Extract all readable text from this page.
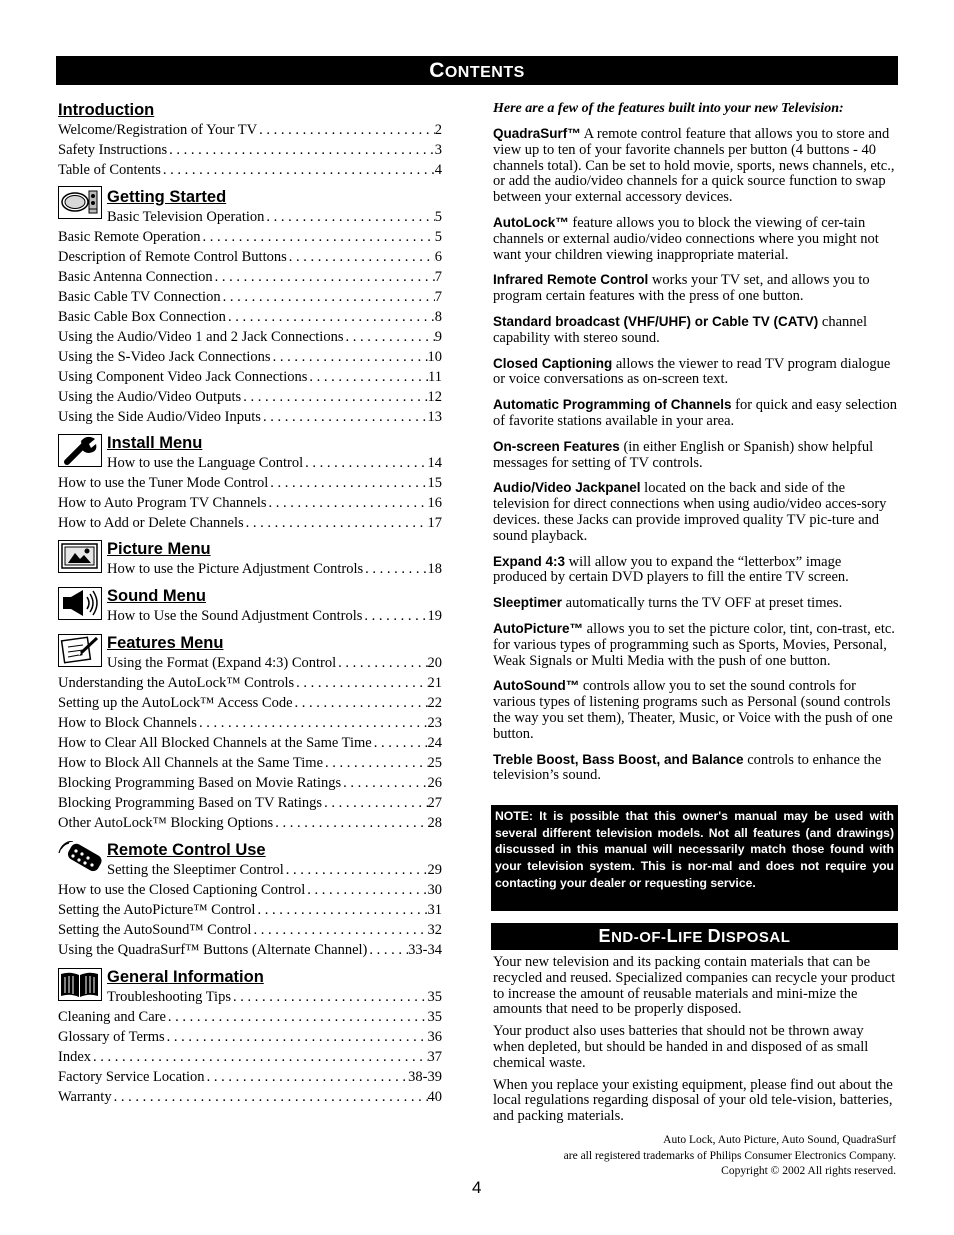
CONTENTS
Introduction
Welcome/Registration of Your TV . . .	2
Safety Instructions . . .	3
Table of Contents . . .	4
Getting Started
Basic Television Operation . . .	5
Basic Remote Operation . . .	5
Description of Remote Control Buttons . . .	6
Basic Antenna Connection . . .	7
Basic Cable TV Connection . . .	7
Basic Cable Box Connection . . .	8
Using the Audio/Video 1 and 2 Jack Connections . . .	9
Using the S-Video Jack Connections . . .	10
Using Component Video Jack Connections . . .	11
Using the Audio/Video Outputs . . .	12
Using the Side Audio/Video Inputs . . .	13
Install Menu
How to use the Language Control . . .	14
How to use the Tuner Mode Control . . .	15
How to Auto Program TV Channels . . .	16
How to Add or Delete Channels . . .	17
Picture Menu
How to use the Picture Adjustment Controls . . .	18
Sound Menu
How to Use the Sound Adjustment Controls . . .	19
Features Menu
Using the Format (Expand 4:3) Control . . .	20
Understanding the AutoLock™ Controls . . .	21
Setting up the AutoLock™ Access Code . . .	22
How to Block Channels . . .	23
How to Clear All Blocked Channels at the Same Time . . .	24
How to Block All Channels at the Same Time . . .	25
Blocking Programming Based on Movie Ratings . . .	26
Blocking Programming Based on TV Ratings . . .	27
Other AutoLock™ Blocking Options . . .	28
Remote Control Use
Setting the Sleeptimer Control . . .	29
How to use the Closed Captioning Control . . .	30
Setting the AutoPicture™ Control . . .	31
Setting the AutoSound™ Control . . .	32
Using the QuadraSurf™ Buttons (Alternate Channel) . . .	33-34
General Information
Troubleshooting Tips . . .	35
Cleaning and Care . . .	35
Glossary of Terms . . .	36
Index . . .	37
Factory Service Location . . .	38-39
Warranty . . .	40

Here are a few of the features built into your new Television:

QuadraSurf™ A remote control feature that allows you to store and view up to ten of your favorite channels per button (4 buttons - 40 channels total). Can be set to hold movie, sports, news channels, etc., or add the audio/video channels for a quick source function to swap between your external accessory devices.

AutoLock™ feature allows you to block the viewing of cer-tain channels or external audio/video connections where you might not want your children viewing inappropriate material.

Infrared Remote Control works your TV set, and allows you to program certain features with the press of one button.

Standard broadcast (VHF/UHF) or Cable TV (CATV) channel capability with stereo sound.

Closed Captioning allows the viewer to read TV program dialogue or voice conversations as on-screen text.

Automatic Programming of Channels for quick and easy selection of favorite stations available in your area.

On-screen Features (in either English or Spanish) show helpful messages for setting of TV controls.

Audio/Video Jackpanel located on the back and side of the television for direct connections when using audio/video acces-sory devices. these Jacks can provide improved quality TV pic-ture and sound playback.

Expand 4:3 will allow you to expand the “letterbox” image produced by certain DVD players to fill the entire TV screen.

Sleeptimer automatically turns the TV OFF at preset times.

AutoPicture™ allows you to set the picture color, tint, con-trast, etc. for various types of programming such as Sports, Movies, Personal, Weak Signals or Multi Media with the push of one button.

AutoSound™ controls allow you to set the sound controls for various types of listening programs such as Personal (sound controls the way you set them), Theater, Music, or Voice with the push of one button.

Treble Boost, Bass Boost, and Balance controls to enhance the television’s sound.

NOTE: It is possible that this owner's manual may be used with several different television models. Not all features (and drawings) discussed in this manual will necessarily match those found with your television system. This is nor-mal and does not require you contacting your dealer or requesting service.
END-OF-LIFE DISPOSAL

Your new television and its packing contain materials that can be recycled and reused. Specialized companies can recycle your product to increase the amount of reusable materials and mini-mize the amounts that need to be properly disposed.

Your product also uses batteries that should not be thrown away when depleted, but should be handed in and disposed of as small chemical waste.

When you replace your existing equipment, please find out about the local regulations regarding disposal of your old tele-vision, batteries, and packing materials.

Auto Lock, Auto Picture, Auto Sound, QuadraSurf
are all registered trademarks of Philips Consumer Electronics Company.
Copyright © 2002 All rights reserved.
4
